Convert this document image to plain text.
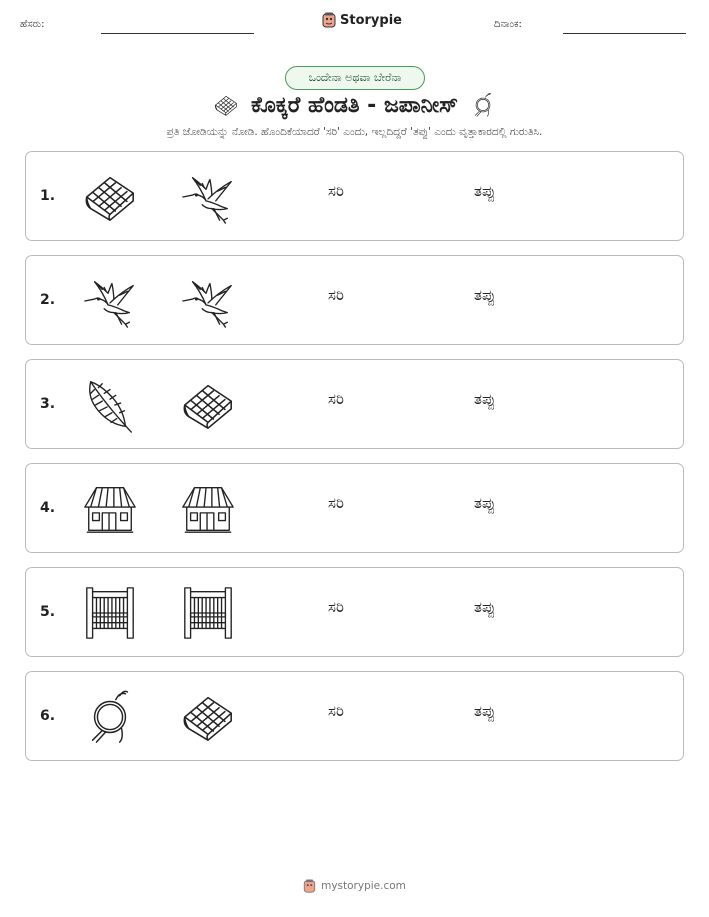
ಹೆಸರು:	Storypie	ದಿನಾಂಕ:
ಒಂದೇನಾ ಅಥವಾ ಬೇರೆನಾ
ಕೊಕ್ಕರೆ ಹೆಂಡತಿ - ಜಪಾನೀಸ್
ಪ್ರತಿ ಜೋಡಿಯನ್ನು ನೋಡಿ. ಹೊಂದಿಕೆಯಾದರೆ 'ಸರಿ' ಎಂದು, ಇಲ್ಲದಿದ್ದರೆ 'ತಪ್ಪು' ಎಂದು ವೃತ್ತಾಕಾರದಲ್ಲಿ ಗುರುತಿಸಿ.
1.	ಸರಿ	ತಪ್ಪು
2.	ಸರಿ	ತಪ್ಪು
3.	ಸರಿ	ತಪ್ಪು
4.	ಸರಿ	ತಪ್ಪು
5.	ಸರಿ	ತಪ್ಪು
6.	ಸರಿ	ತಪ್ಪು
mystorypie.com
